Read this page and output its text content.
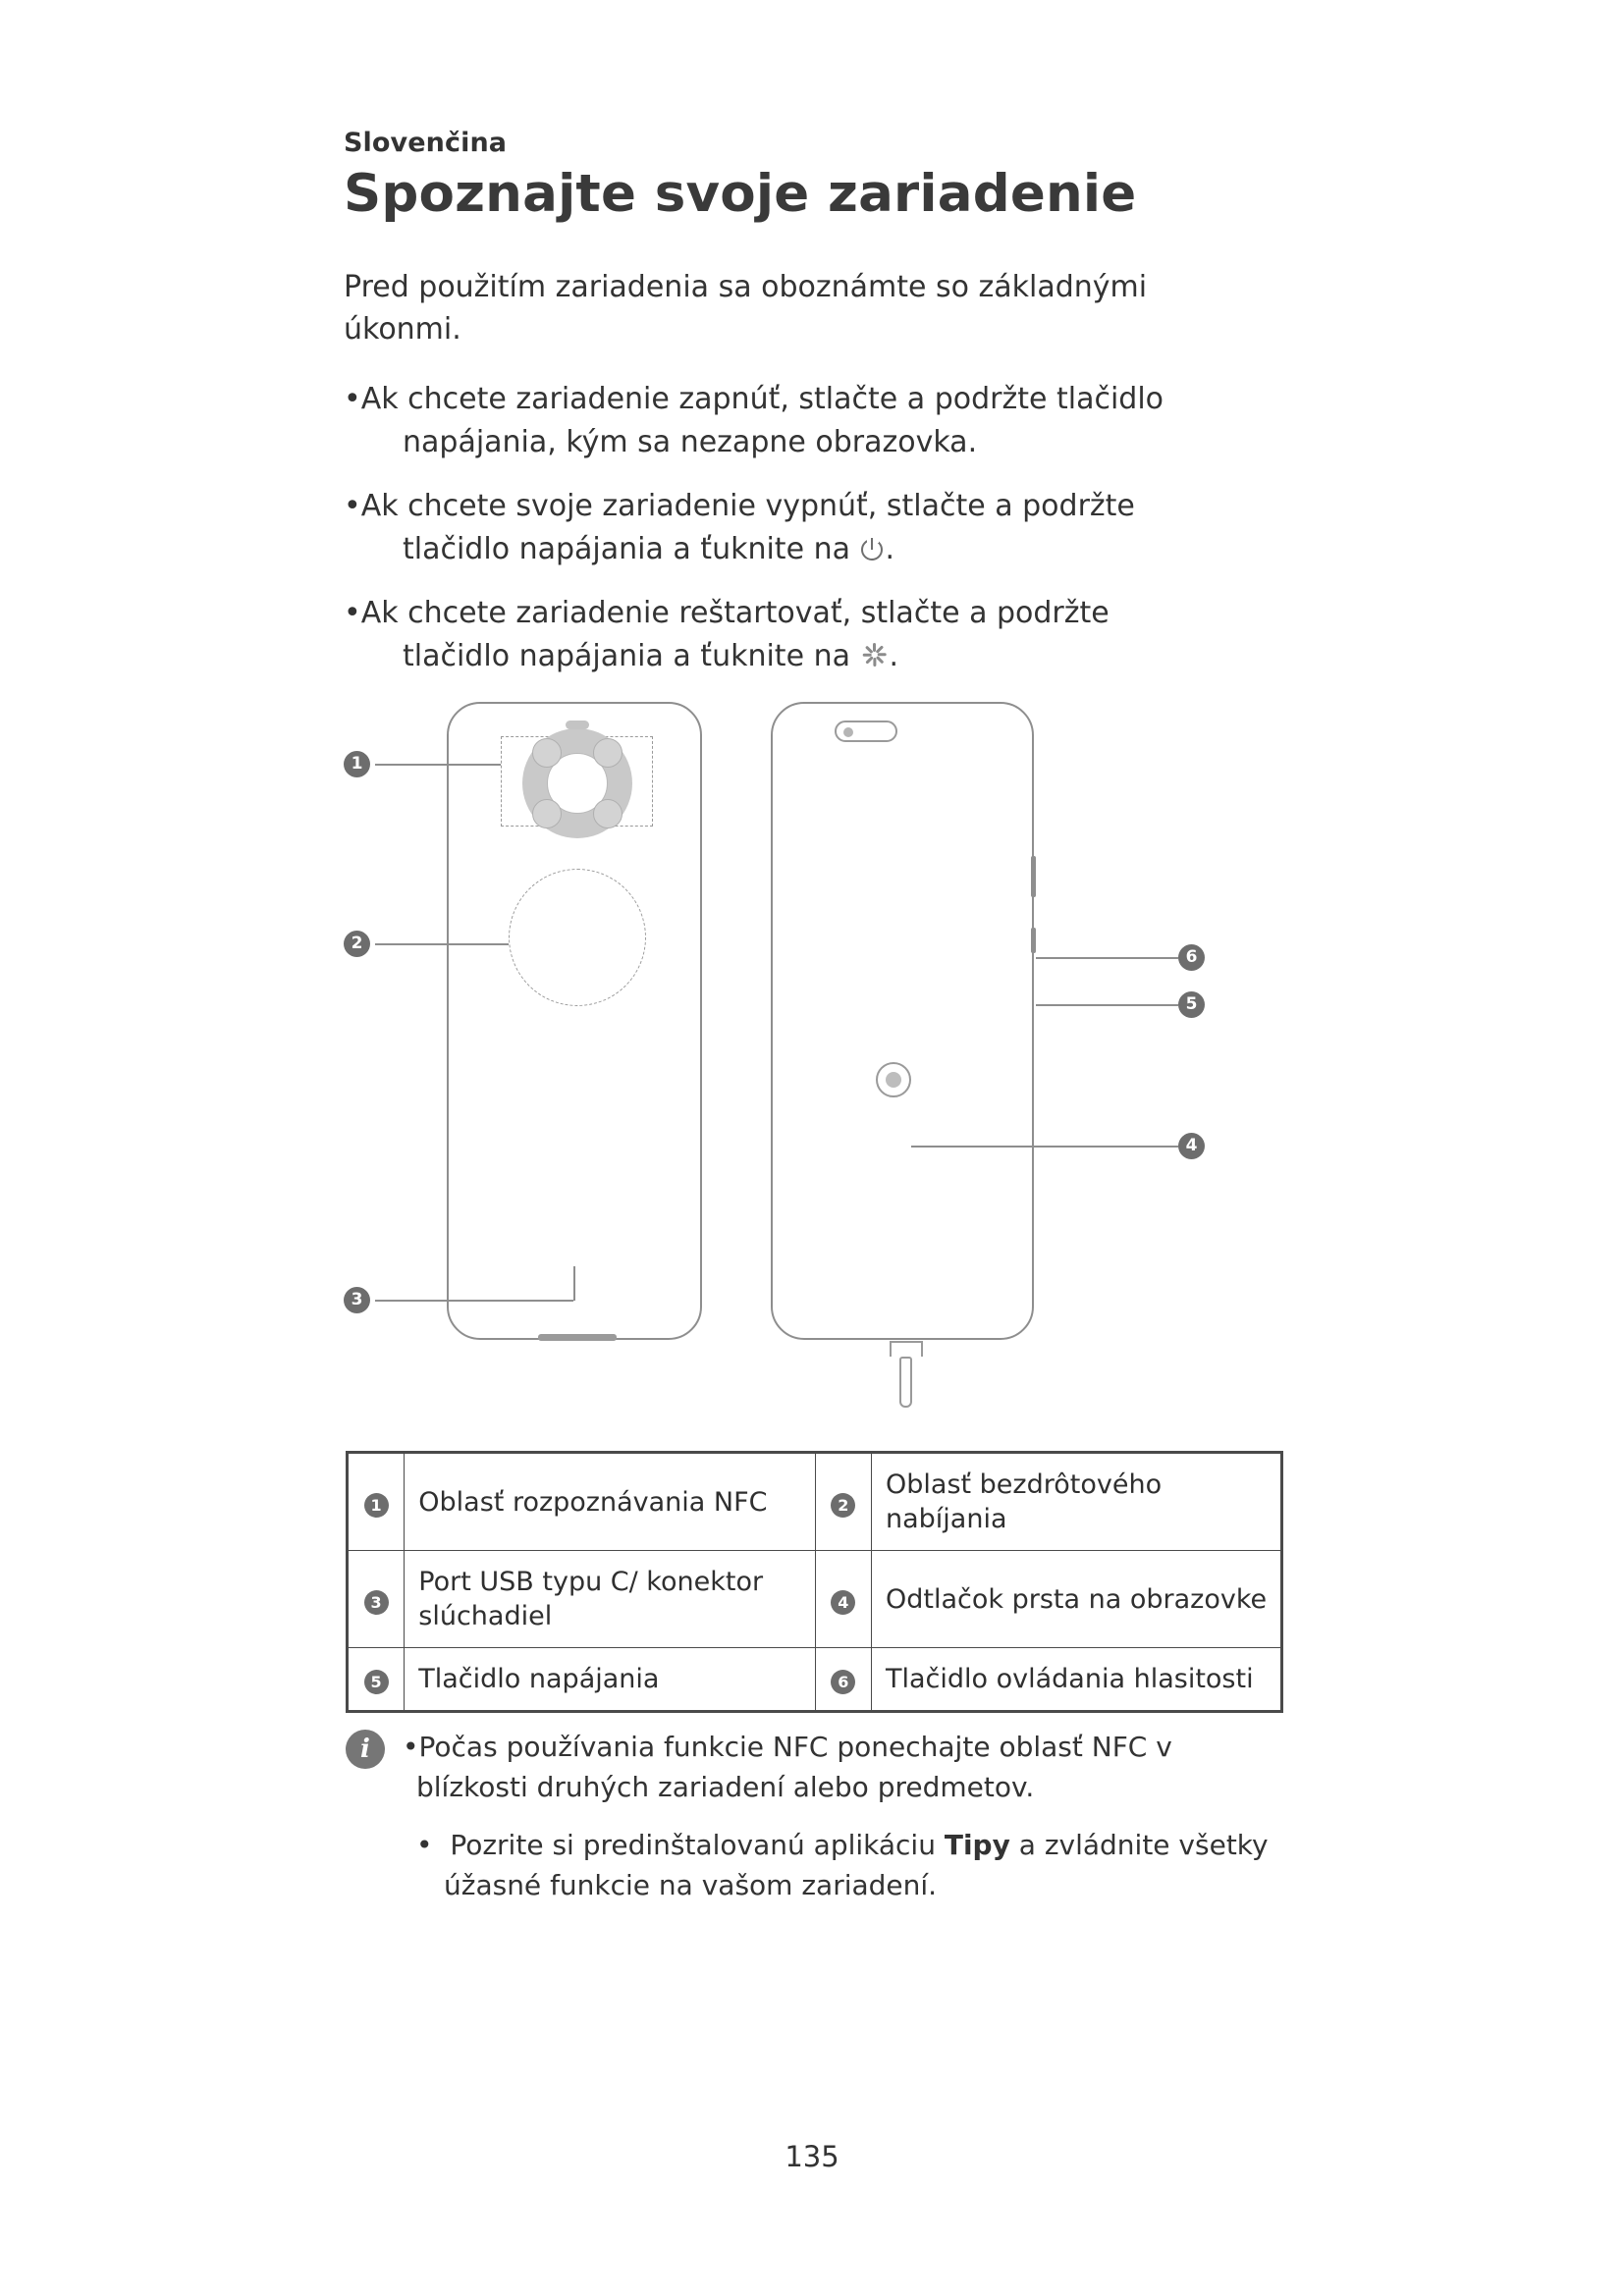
Slovenčina
Spoznajte svoje zariadenie

Pred použitím zariadenia sa oboznámte so základnými úkonmi.

•Ak chcete zariadenie zapnúť, stlačte a podržte tlačidlo
napájania, kým sa nezapne obrazovka.
•Ak chcete svoje zariadenie vypnúť, stlačte a podržte
tlačidlo napájania a ťuknite na .
•Ak chcete zariadenie reštartovať, stlačte a podržte
tlačidlo napájania a ťuknite na .
1
2
3
4
5
6
1	Oblasť rozpoznávania NFC	2	Oblasť bezdrôtového nabíjania
3	Port USB typu C/ konektor slúchadiel	4	Odtlačok prsta na obrazovke
5	Tlačidlo napájania	6	Tlačidlo ovládania hlasitosti
i	•Počas používania funkcie NFC ponechajte oblasť NFC v blízkosti druhých zariadení alebo predmetov.

• Pozrite si predinštalovanú aplikáciu Tipy a zvládnite všetky úžasné funkcie na vašom zariadení.

135
